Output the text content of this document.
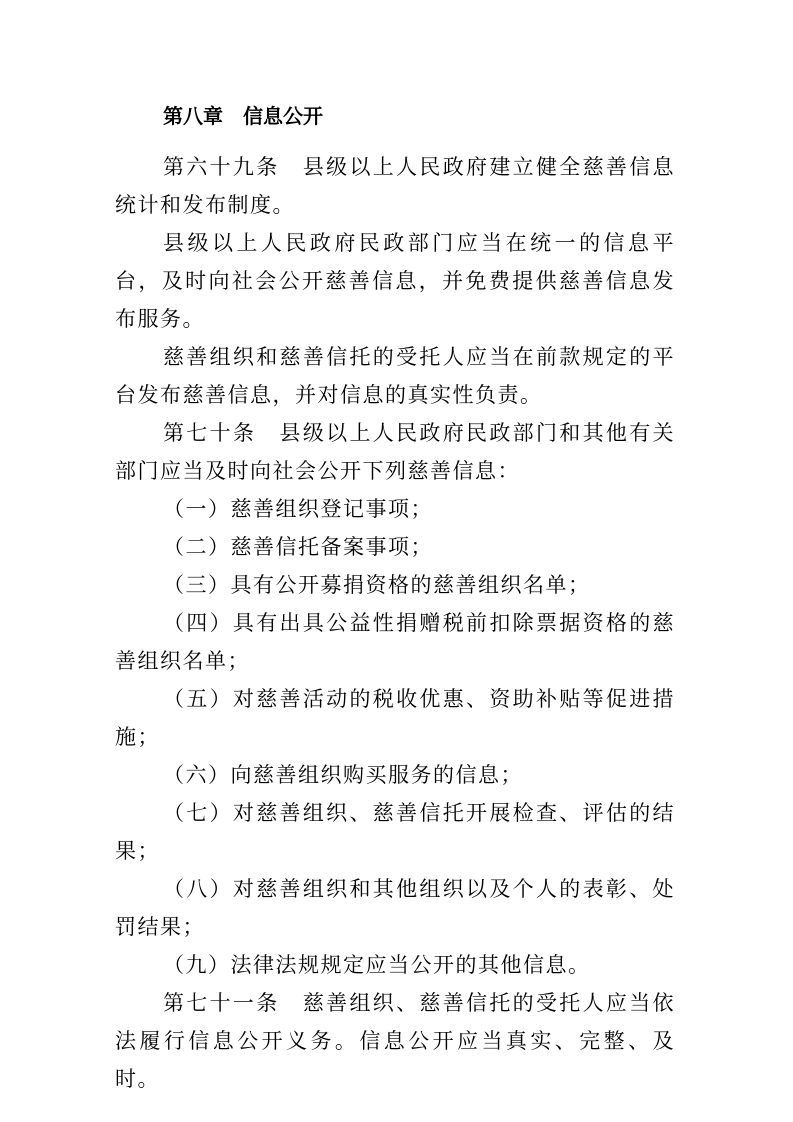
第八章　信息公开

第六十九条　县级以上人民政府建立健全慈善信息统计和发布制度。

县级以上人民政府民政部门应当在统一的信息平台，及时向社会公开慈善信息，并免费提供慈善信息发布服务。

慈善组织和慈善信托的受托人应当在前款规定的平台发布慈善信息，并对信息的真实性负责。

第七十条　县级以上人民政府民政部门和其他有关部门应当及时向社会公开下列慈善信息：

（一）慈善组织登记事项；

（二）慈善信托备案事项；

（三）具有公开募捐资格的慈善组织名单；

（四）具有出具公益性捐赠税前扣除票据资格的慈善组织名单；

（五）对慈善活动的税收优惠、资助补贴等促进措施；

（六）向慈善组织购买服务的信息；

（七）对慈善组织、慈善信托开展检查、评估的结果；

（八）对慈善组织和其他组织以及个人的表彰、处罚结果；

（九）法律法规规定应当公开的其他信息。

第七十一条　慈善组织、慈善信托的受托人应当依法履行信息公开义务。信息公开应当真实、完整、及时。
